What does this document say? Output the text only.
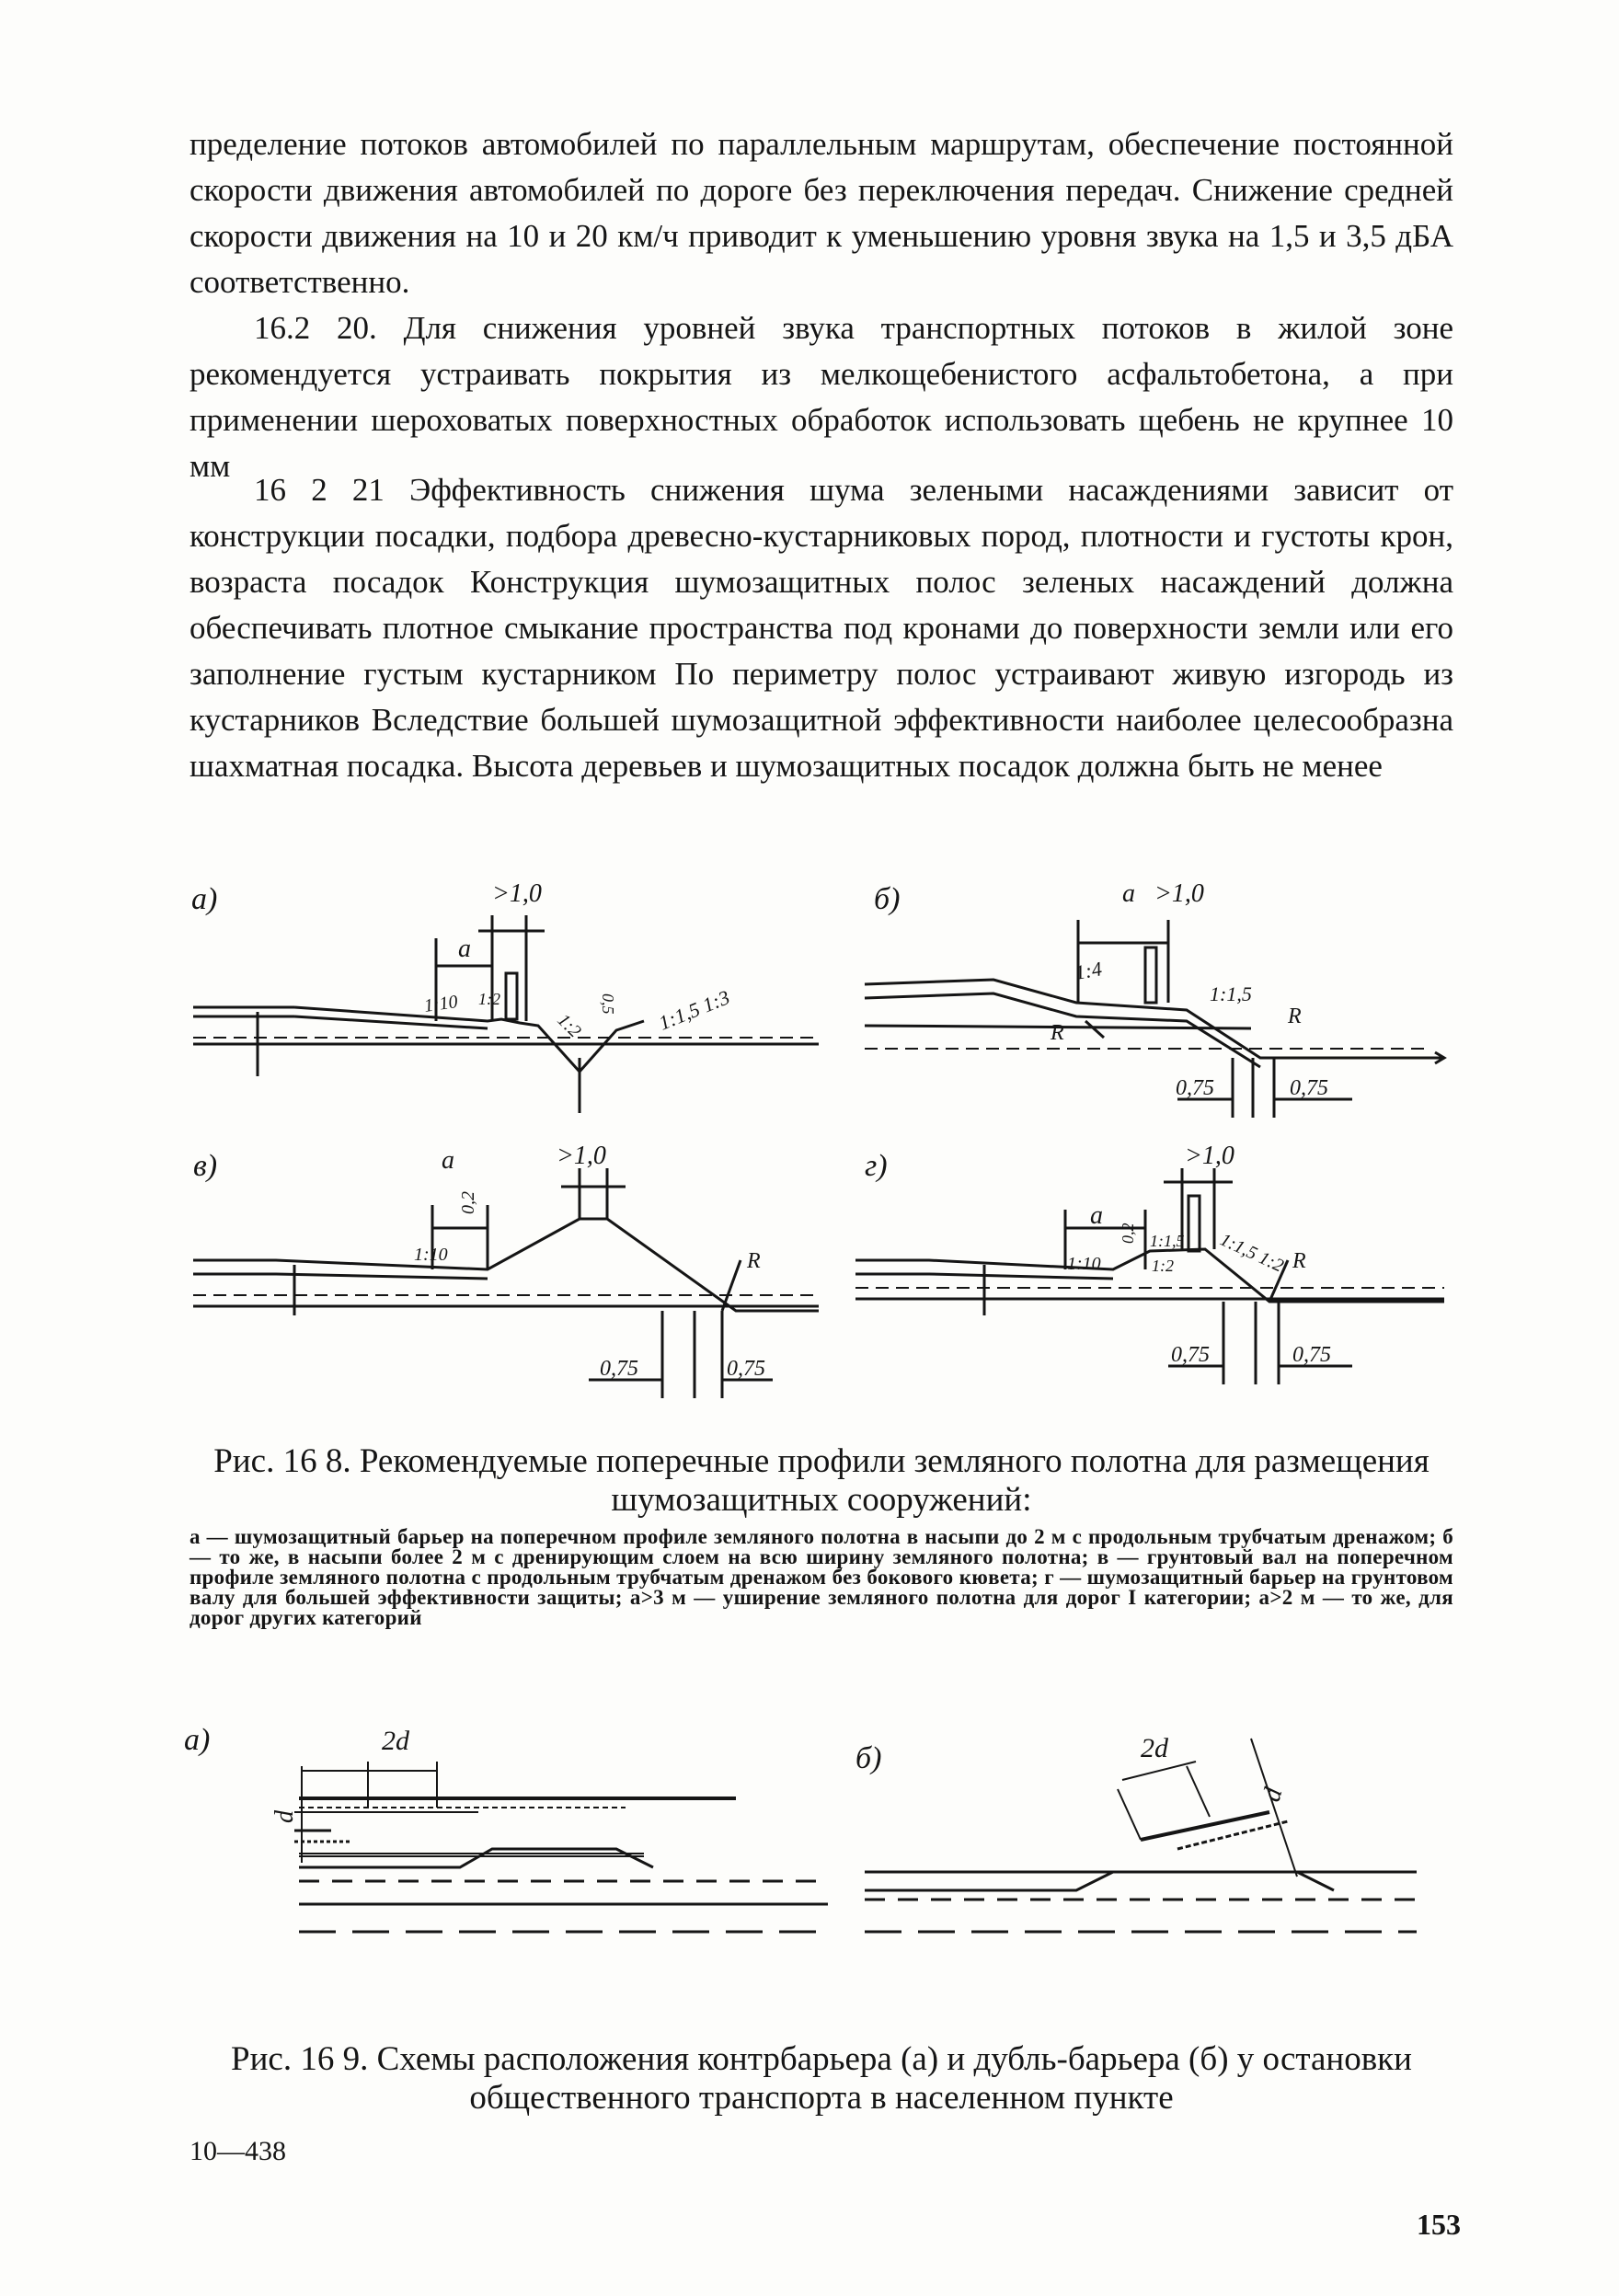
пределение потоков автомобилей по параллельным маршрутам, обеспечение постоянной скорости движения автомобилей по дороге без переключения передач. Снижение средней скорости движения на 10 и 20 км/ч приводит к уменьшению уровня звука на 1,5 и 3,5 дБА соответственно.

16.2 20. Для снижения уровней звука транспортных потоков в жилой зоне рекомендуется устраивать покрытия из мелкощебенистого асфальтобетона, а при применении шероховатых поверхностных обработок использовать щебень не крупнее 10 мм

16 2 21 Эффективность снижения шума зелеными насаждениями зависит от конструкции посадки, подбора древесно-кустарниковых пород, плотности и густоты крон, возраста посадок Конструкция шумозащитных полос зеленых насаждений должна обеспечивать плотное смыкание пространства под кронами до поверхности земли или его заполнение густым кустарником По периметру полос устраивают живую изгородь из кустарников Вследствие большей шумозащитной эффективности наиболее целесообразна шахматная посадка. Высота деревьев и шумозащитных посадок должна быть не менее

а)	>1,0
а
1:10 1:2
1:2
0,5 1:1,5 1:3
б)	а >1,0
1:4
R
1:1,5
R
0,75	0,75
в)	а	>1,0
1:10
0,2
R
0,75	0,75
г)	>1,0
а
1:10
0,2 1:1,5
1:2 1:1,5 1:2 R
0,75	0,75

Рис. 16 8. Рекомендуемые поперечные профили земляного полотна для размещения шумозащитных сооружений:

а — шумозащитный барьер на поперечном профиле земляного полотна в насыпи до 2 м с продольным трубчатым дренажом; б — то же, в насыпи более 2 м с дренирующим слоем на всю ширину земляного полотна; в — грунтовый вал на поперечном профиле земляного полотна с продольным трубчатым дренажом без бокового кювета; г — шумозащитный барьер на грунтовом валу для большей эффективности защиты; а>3 м — уширение земляного полотна для дорог I категории; а>2 м — то же, для дорог других категорий

а)	2d
d
б)	2d
d

Рис. 16 9. Схемы расположения контрбарьера (а) и дубль-барьера (б) у остановки общественного транспорта в населенном пункте

10—438
153
